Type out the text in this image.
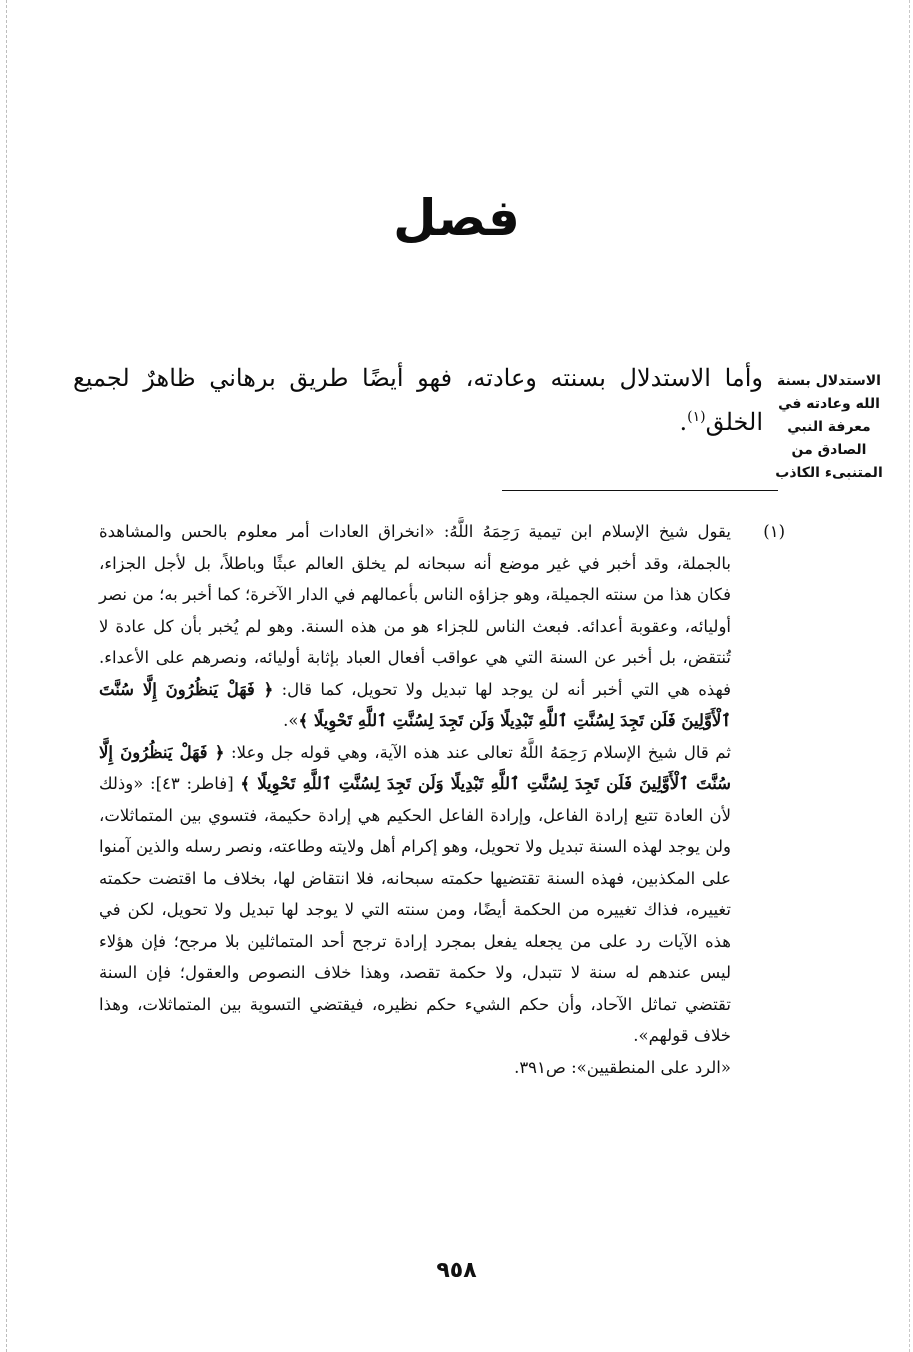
فصل
الاستدلال بسنة الله وعادته في معرفة النبي الصادق من المتنبىء الكاذب
وأما الاستدلال بسنته وعادته، فهو أيضًا طريق برهاني ظاهرٌ لجميع الخلق$^{(١)}$.
(١)
يقول شيخ الإسلام ابن تيمية رَحِمَهُ اللَّهُ: «انخراق العادات أمر معلوم بالحس والمشاهدة بالجملة، وقد أخبر في غير موضع أنه سبحانه لم يخلق العالم عبثًا وباطلاً، بل لأجل الجزاء، فكان هذا من سنته الجميلة، وهو جزاؤه الناس بأعمالهم في الدار الآخرة؛ كما أخبر به؛ من نصر أوليائه، وعقوبة أعدائه. فبعث الناس للجزاء هو من هذه السنة. وهو لم يُخبر بأن كل عادة لا تُنتقض، بل أخبر عن السنة التي هي عواقب أفعال العباد بإثابة أوليائه، ونصرهم على الأعداء. فهذه هي التي أخبر أنه لن يوجد لها تبديل ولا تحويل، كما قال: ﴿ فَهَلْ يَنظُرُونَ إِلَّا سُنَّتَ ٱلْأَوَّلِينَ فَلَن تَجِدَ لِسُنَّتِ ٱللَّهِ تَبْدِيلًا وَلَن تَجِدَ لِسُنَّتِ ٱللَّهِ تَحْوِيلًا ﴾».
ثم قال شيخ الإسلام رَحِمَهُ اللَّهُ تعالى عند هذه الآية، وهي قوله جل وعلا: ﴿ فَهَلْ يَنظُرُونَ إِلَّا سُنَّتَ ٱلْأَوَّلِينَ فَلَن تَجِدَ لِسُنَّتِ ٱللَّهِ تَبْدِيلًا وَلَن تَجِدَ لِسُنَّتِ ٱللَّهِ تَحْوِيلًا ﴾ [فاطر: ٤٣]: «وذلك لأن العادة تتبع إرادة الفاعل، وإرادة الفاعل الحكيم هي إرادة حكيمة، فتسوي بين المتماثلات، ولن يوجد لهذه السنة تبديل ولا تحويل، وهو إكرام أهل ولايته وطاعته، ونصر رسله والذين آمنوا على المكذبين، فهذه السنة تقتضيها حكمته سبحانه، فلا انتقاض لها، بخلاف ما اقتضت حكمته تغييره، فذاك تغييره من الحكمة أيضًا، ومن سنته التي لا يوجد لها تبديل ولا تحويل، لكن في هذه الآيات رد على من يجعله يفعل بمجرد إرادة ترجح أحد المتماثلين بلا مرجح؛ فإن هؤلاء ليس عندهم له سنة لا تتبدل، ولا حكمة تقصد، وهذا خلاف النصوص والعقول؛ فإن السنة تقتضي تماثل الآحاد، وأن حكم الشيء حكم نظيره، فيقتضي التسوية بين المتماثلات، وهذا خلاف قولهم».
«الرد على المنطقيين»: ص٣٩١.
٩٥٨
